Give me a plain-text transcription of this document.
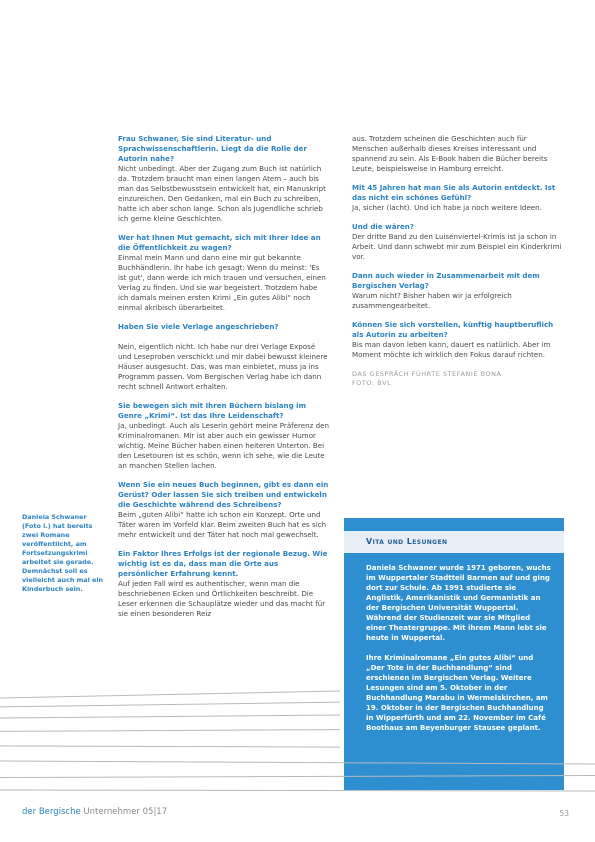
Frau Schwaner, Sie sind Literatur- und Sprachwissenschaftlerin. Liegt da die Rolle der Autorin nahe?

Nicht unbedingt. Aber der Zugang zum Buch ist natürlich da. Trotzdem braucht man einen langen Atem – auch bis man das Selbstbewusstsein entwickelt hat, ein Manuskript einzureichen. Den Gedanken, mal ein Buch zu schreiben, hatte ich aber schon lange. Schon als Jugendliche schrieb ich gerne kleine Geschichten.

Wer hat Ihnen Mut gemacht, sich mit Ihrer Idee an die Öffentlichkeit zu wagen?

Einmal mein Mann und dann eine mir gut bekannte Buchhändlerin. Ihr habe ich gesagt: Wenn du meinst: 'Es ist gut', dann werde ich mich trauen und versuchen, einen Verlag zu finden. Und sie war begeistert. Trotzdem habe ich damals meinen ersten Krimi „Ein gutes Alibi“ noch einmal akribisch überarbeitet.

Haben Sie viele Verlage angeschrieben?

Nein, eigentlich nicht. Ich habe nur drei Verlage Exposé und Leseproben verschickt und mir dabei bewusst kleinere Häuser ausgesucht. Das, was man einbietet, muss ja ins Programm passen. Vom Bergischen Verlag habe ich dann recht schnell Antwort erhalten.

Sie bewegen sich mit Ihren Büchern bislang im Genre „Krimi“. Ist das Ihre Leidenschaft?

Ja, unbedingt. Auch als Leserin gehört meine Präferenz den Kriminalromanen. Mir ist aber auch ein gewisser Humor wichtig. Meine Bücher haben einen heiteren Unterton. Bei den Lesetouren ist es schön, wenn ich sehe, wie die Leute an manchen Stellen lachen.

Wenn Sie ein neues Buch beginnen, gibt es dann ein Gerüst? Oder lassen Sie sich treiben und entwickeln die Geschichte während des Schreibens?

Beim „guten Alibi“ hatte ich schon ein Konzept. Orte und Täter waren im Vorfeld klar. Beim zweiten Buch hat es sich mehr entwickelt und der Täter hat noch mal gewechselt.

Ein Faktor Ihres Erfolgs ist der regionale Bezug. Wie wichtig ist es da, dass man die Orte aus persönlicher Erfahrung kennt.

Auf jeden Fall wird es authentischer, wenn man die beschriebenen Ecken und Örtlichkeiten beschreibt. Die Leser erkennen die Schauplätze wieder und das macht für sie einen besonderen Reiz

aus. Trotzdem scheinen die Geschichten auch für Menschen außerhalb dieses Kreises interessant und spannend zu sein. Als E-Book haben die Bücher bereits Leute, beispielsweise in Hamburg erreicht.

Mit 45 Jahren hat man Sie als Autorin entdeckt. Ist das nicht ein schönes Gefühl?

Ja, sicher (lacht). Und ich habe ja noch weitere Ideen.

Und die wären?

Der dritte Band zu den Luisenviertel-Krimis ist ja schon in Arbeit. Und dann schwebt mir zum Beispiel ein Kinderkrimi vor.

Dann auch wieder in Zusammenarbeit mit dem Bergischen Verlag?

Warum nicht? Bisher haben wir ja erfolgreich zusammengearbeitet.

Können Sie sich vorstellen, künftig hauptberuflich als Autorin zu arbeiten?

Bis man davon leben kann, dauert es natürlich. Aber im Moment möchte ich wirklich den Fokus darauf richten.

DAS GESPRÄCH FÜHRTE STEFANIE BONA

FOTO: BVL

Daniela Schwaner (Foto l.) hat bereits zwei Romane veröffentlicht, am Fortsetzungskrimi arbeitet sie gerade. Demnächst soll es vielleicht auch mal ein Kinderbuch sein.

Vita und Lesungen

Daniela Schwaner wurde 1971 geboren, wuchs im Wuppertaler Stadtteil Barmen auf und ging dort zur Schule. Ab 1991 studierte sie Anglistik, Amerikanistik und Germanistik an der Bergischen Universität Wuppertal. Während der Studienzeit war sie Mitglied einer Theatergruppe. Mit ihrem Mann lebt sie heute in Wuppertal.

Ihre Kriminalromane „Ein gutes Alibi“ und „Der Tote in der Buchhandlung“ sind erschienen im Bergischen Verlag. Weitere Lesungen sind am 5. Oktober in der Buchhandlung Marabu in Wermelskirchen, am 19. Oktober in der Bergischen Buchhandlung in Wipperfürth und am 22. November im Café Boothaus am Beyenburger Stausee geplant.

der Bergische Unternehmer 05|17	53
